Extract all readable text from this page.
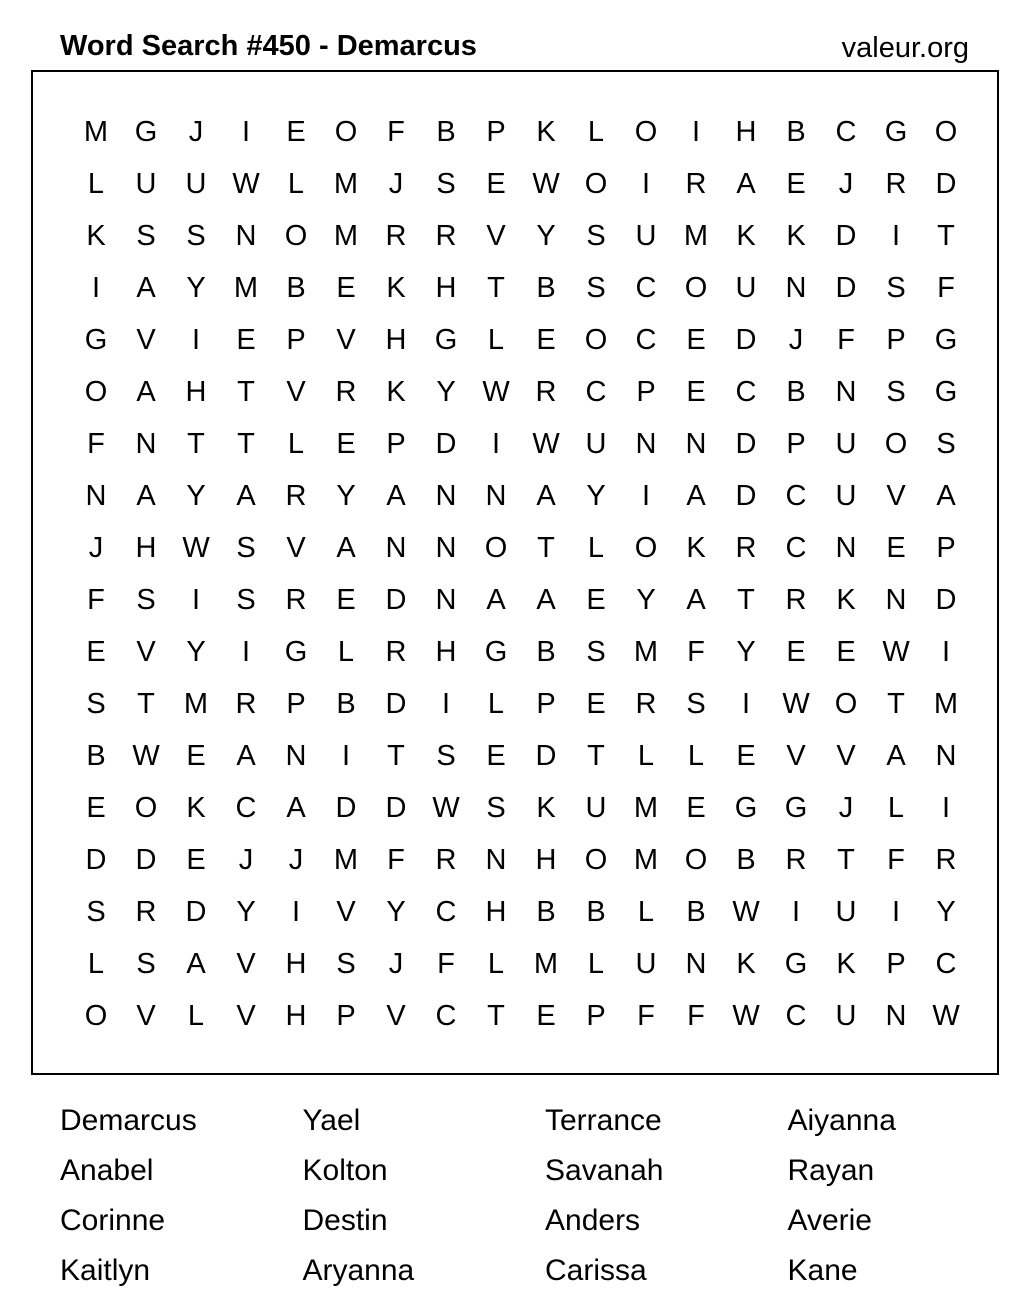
Word Search #450 - Demarcus	valeur.org
M G	J	I	E	O	F	B	P	K	L	O	I	H	B	C G O
L	U	U W L	M	J	S	E W O	I	R	A	E	J	R	D
K	S	S	N O M R	R	V	Y	S	U M K	K	D	I	T
I	A	Y M B	E	K	H	T	B	S	C O U	N	D	S	F
G	V	I	E	P	V	H G	L	E	O C	E	D	J	F	P	G
O	A	H	T	V	R	K	Y W R	C	P	E	C	B	N	S	G
F	N	T	T	L	E	P	D	I	W U	N	N	D	P	U O	S
N	A	Y	A	R	Y	A	N	N	A	Y	I	A	D	C	U	V	A
J	H W S	V	A	N	N O	T	L	O	K	R	C	N	E	P
F	S	I	S	R	E	D	N	A	A	E	Y	A	T	R	K	N	D
E	V	Y	I	G	L	R	H G	B	S M	F	Y	E	E W	I
S	T	M R	P	B	D	I	L	P	E	R	S	I	W O	T	M
B W E	A	N	I	T	S	E	D	T	L	L	E	V	V	A	N
E	O	K	C	A	D	D W S	K	U M E	G G	J	L	I
D	D	E	J	J	M	F	R	N	H O M O	B	R	T	F	R
S	R	D	Y	I	V	Y	C	H	B	B	L	B W	I	U	I	Y
L	S	A	V	H	S	J	F	L	M	L	U	N	K	G	K	P	C
O	V	L	V	H	P	V	C	T	E	P	F	F W C	U	N W
Demarcus	Yael	Terrance	Aiyanna
Anabel	Kolton	Savanah	Rayan
Corinne	Destin	Anders	Averie
Kaitlyn	Aryanna	Carissa	Kane
